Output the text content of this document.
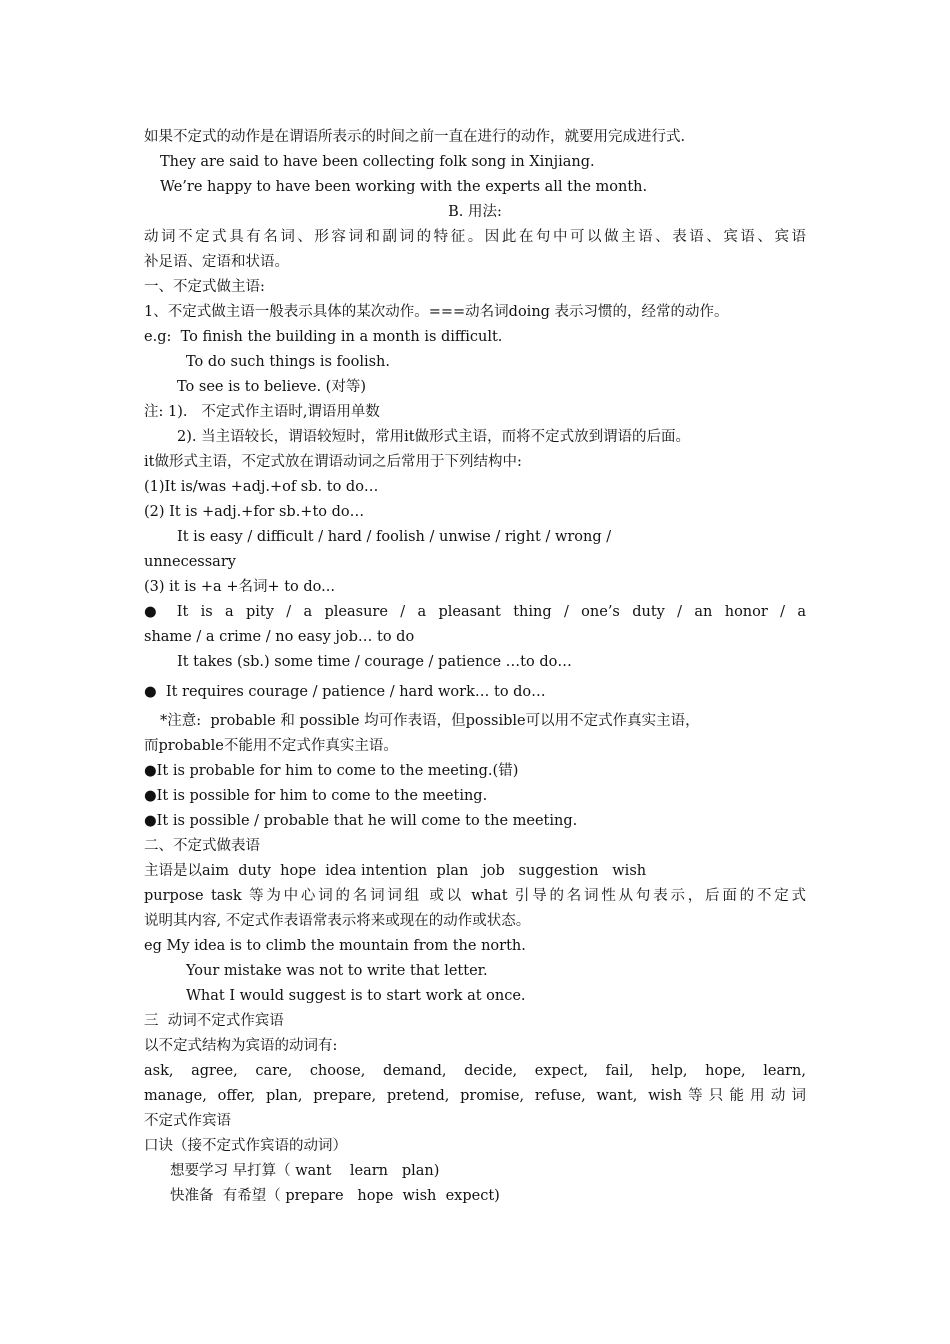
如果不定式的动作是在谓语所表示的时间之前一直在进行的动作，就要用完成进行式.
They are said to have been collecting folk song in Xinjiang.
We’re happy to have been working with the experts all the month.
B. 用法:
动词不定式具有名词、形容词和副词的特征。因此在句中可以做主语、表语、宾语、宾语
补足语、定语和状语。
一、不定式做主语:
1、不定式做主语一般表示具体的某次动作。===动名词doing 表示习惯的，经常的动作。
e.g:  To finish the building in a month is difficult.
To do such things is foolish.
To see is to believe. (对等)
注: 1).   不定式作主语时,谓语用单数
2). 当主语较长，谓语较短时，常用it做形式主语，而将不定式放到谓语的后面。
it做形式主语，不定式放在谓语动词之后常用于下列结构中:
(1)It is/was +adj.+of sb. to do…
(2) It is +adj.+for sb.+to do…
It is easy / difficult / hard / foolish / unwise / right / wrong /
unnecessary
(3) it is +a +名词+ to do...
● It is a pity / a pleasure / a pleasant thing / one’s duty / an honor / a
shame / a crime / no easy job… to do
It takes (sb.) some time / courage / patience …to do…
●  It requires courage / patience / hard work… to do…
*注意:  probable 和 possible 均可作表语，但possible可以用不定式作真实主语，
而probable不能用不定式作真实主语。
●It is probable for him to come to the meeting.(错)
●It is possible for him to come to the meeting.
●It is possible / probable that he will come to the meeting.
二、不定式做表语
主语是以aim  duty  hope  idea intention  plan   job   suggestion   wish
purpose task 等为中心词的名词词组 或以 what 引导的名词性从句表示，后面的不定式
说明其内容, 不定式作表语常表示将来或现在的动作或状态。
eg My idea is to climb the mountain from the north.
Your mistake was not to write that letter.
What I would suggest is to start work at once.
三  动词不定式作宾语
以不定式结构为宾语的动词有:
ask, agree, care, choose, demand, decide, expect, fail, help, hope, learn,
manage, offer, plan, prepare, pretend, promise, refuse, want, wish等只能用动词
不定式作宾语
口诀（接不定式作宾语的动词）
想要学习 早打算（ want    learn   plan)
快准备  有希望（ prepare   hope  wish  expect)
